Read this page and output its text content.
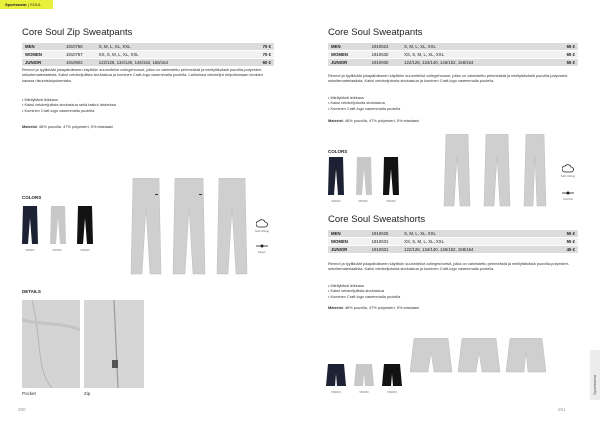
Sportswear | SOUL
Core Soul Zip Sweatpants
MEN	1910766	S, M, L, XL, XXL	70 €
WOMEN	1910767	XS, S, M, L, XL, XXL	70 €
JUNIOR	1910902	122/128, 134/140, 146/152, 158/164	60 €
Rennot ja tyylikkäät jokapäiväiseen käyttöön suunnitellut collegehousut, jotka on valmistettu pehmeästä ja miellyttävästä puuvilla-polyesteri-sekoitemateriaalista. Kaksi vetoketjullista sivutaskua ja kuminen Craft-logo vasemmalla puolella. Lahkeissa vetoketjut helpottamaan kenkien kanssa riisumista/pukemista.
• Miellyttävä leikkaus
• Kaksi vetoketjullista sivutaskua sekä taskut lahkeissa
• Kuminen Craft-logo vasemmalla puolella
Material: 48% puuvilla, 47% polyesteri, 5% elastaani
COLORS
999000	950000	999000
Soft ribbing
Zipper
DETAILS
Pocket	Zip
280
Core Soul Sweatpants
MEN	1910624	S, M, L, XL, XXL	65 €
WOMEN	1910630	XS, S, M, L, XL, XXL	65 €
JUNIOR	1910930	122/128, 134/140, 146/152, 158/164	55 €
Rennot ja tyylikkäät jokapäiväiseen käyttöön suunnitellut collegehousut, jotka on valmistettu pehmeästä ja miellyttävästä puuvilla-polyesteri-sekoitemateriaalista. Kaksi vetoketjutonta sivutaskua ja kuminen Craft-logo vasemmalla puolella.
• Miellyttävä leikkaus
• Kaksi vetoketjutonta sivutaskua
• Kuminen Craft-logo vasemmalla puolella
Material: 48% puuvilla, 47% polyesteri, 5% elastaani
COLORS
999000	950000	999000
Soft ribbing
Comfort
Core Soul Sweatshorts
MEN	1910625	S, M, L, XL, XXL	55 €
WOMEN	1910631	XS, S, M, L, XL, XXL	55 €
JUNIOR	1910931	122/128, 134/140, 146/152, 158/164	45 €
Rennot ja tyylikkäät jokapäiväiseen käyttöön suunnitellut collegeshortsit, jotka on valmistettu pehmeästä ja miellyttävästä puuvilla-polyesteri-sekoitemateriaalista. Kaksi vetoketjutonta sivutaskua ja kuminen Craft-logo vasemmalla puolella.
• Miellyttävä leikkaus
• Kaksi vetoketjullista sivutaskua
• Kuminen Craft-logo vasemmalla puolella
Material: 48% puuvilla, 47% polyesteri, 5% elastaani
999000	950000	999000
281
Sportswear
